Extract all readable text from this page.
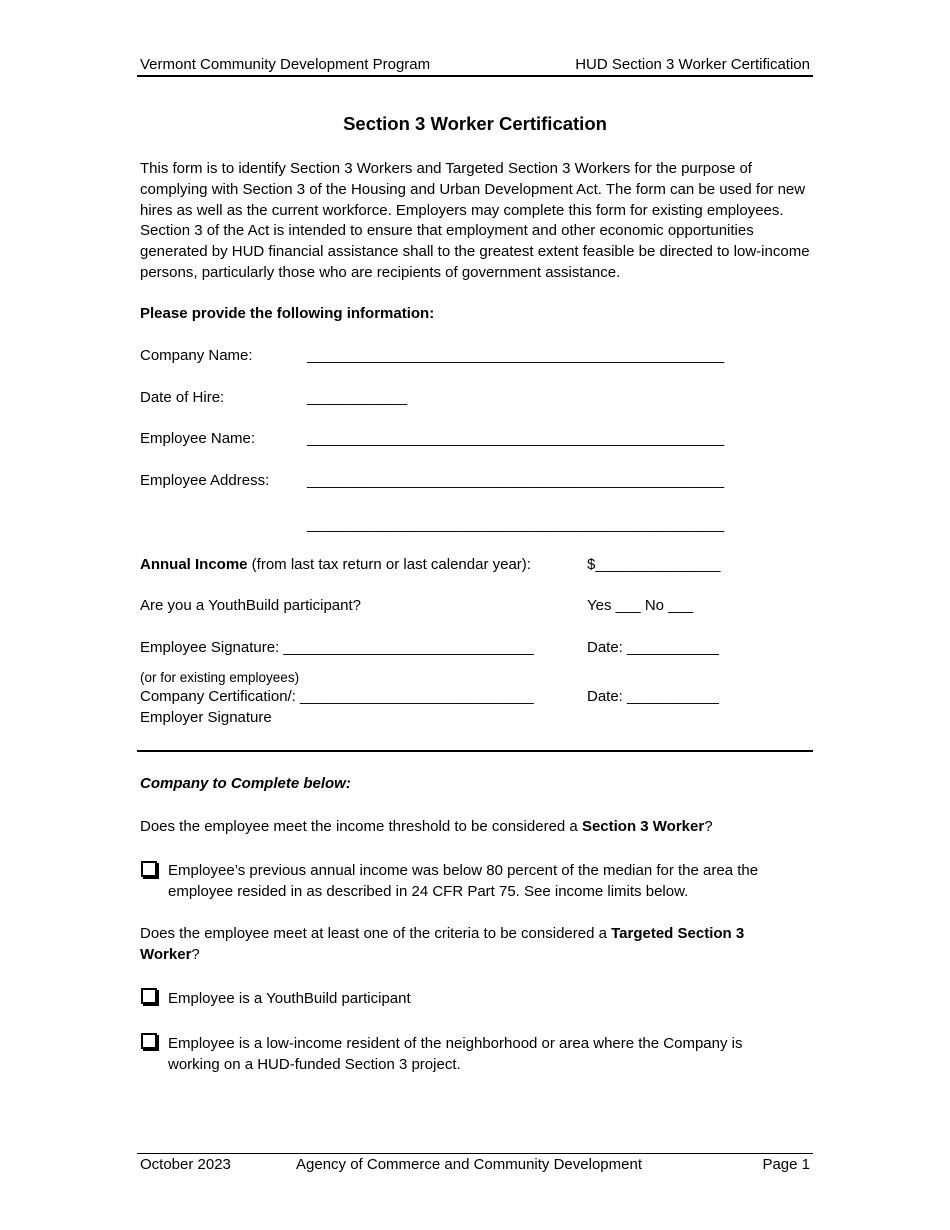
Vermont Community Development Program	HUD Section 3 Worker Certification
Section 3 Worker Certification
This form is to identify Section 3 Workers and Targeted Section 3 Workers for the purpose of complying with Section 3 of the Housing and Urban Development Act. The form can be used for new hires as well as the current workforce. Employers may complete this form for existing employees. Section 3 of the Act is intended to ensure that employment and other economic opportunities generated by HUD financial assistance shall to the greatest extent feasible be directed to low-income persons, particularly those who are recipients of government assistance.
Please provide the following information:
Company Name:	__________________________________________________
Date of Hire:	____________
Employee Name:	__________________________________________________
Employee Address:	__________________________________________________
__________________________________________________
Annual Income (from last tax return or last calendar year):	$_______________
Are you a YouthBuild participant?	Yes ___ No ___
Employee Signature: ______________________________	Date: ___________
(or for existing employees)
Company Certification/: ____________________________
Employer Signature
Date: ___________
Company to Complete below:
Does the employee meet the income threshold to be considered a Section 3 Worker?
Employee’s previous annual income was below 80 percent of the median for the area the employee resided in as described in 24 CFR Part 75. See income limits below.
Does the employee meet at least one of the criteria to be considered a Targeted Section 3 Worker?
Employee is a YouthBuild participant
Employee is a low-income resident of the neighborhood or area where the Company is working on a HUD-funded Section 3 project.
October 2023	Agency of Commerce and Community Development	Page 1
